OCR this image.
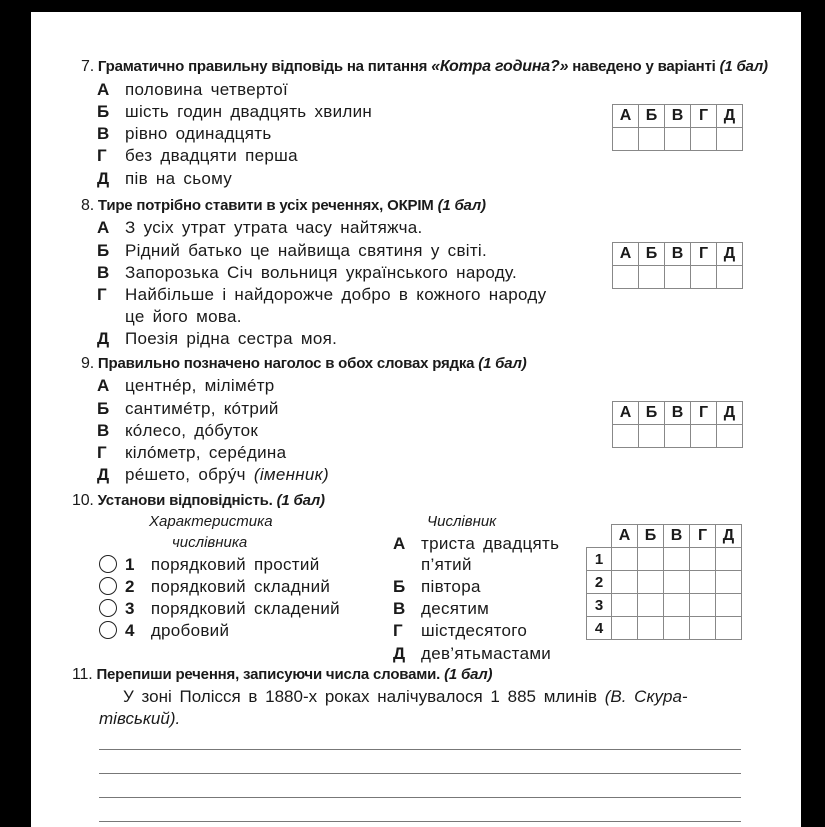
7. Граматично правильну відповідь на питання «Котра година?» наведено у варіанті (1 бал)
А половина четвертої
Б шість годин двадцять хвилин
В рівно одинадцять
Г без двадцяти перша
Д пів на сьому
А	Б	В	Г	Д

8. Тире потрібно ставити в усіх реченнях, ОКРІМ (1 бал)
А З усіх утрат утрата часу найтяжча.
Б Рідний батько це найвища святиня у світі.
В Запорозька Січ вольниця українського народу.
Г Найбільше і найдорожче добро в кожного народу
це його мова.
Д Поезія рідна сестра моя.
А	Б	В	Г	Д

9. Правильно позначено наголос в обох словах рядка (1 бал)
А центнéр, мілімéтр
Б сантимéтр, кóтрий
В кóлесо, дóбуток
Г кілóметр, серéдина
Д рéшето, обрýч (іменник)
А	Б	В	Г	Д

10. Установи відповідність. (1 бал)
Характеристика
числівника
Числівник
1 порядковий простий
2 порядковий складний
3 порядковий складений
4 дробовий
А триста двадцять
п’ятий
Б півтора
В десятим
Г шістдесятого
Д дев’ятьмастами
	А	Б	В	Г	Д
1					
2					
3					
4					
11. Перепиши речення, записуючи числа словами. (1 бал)
У зоні Полісся в 1880-х роках налічувалося 1 885 млинів (В. Скура-
тівський).
